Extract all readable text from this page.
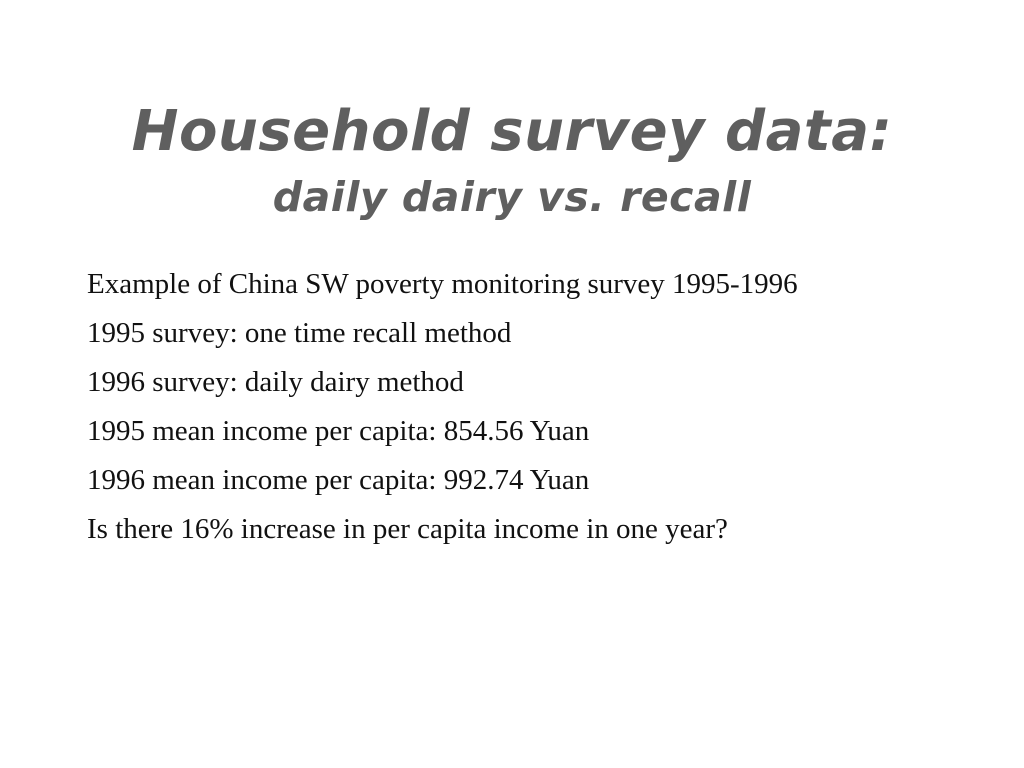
Household survey data:
daily dairy vs. recall
Example of China SW poverty monitoring survey 1995-1996
1995 survey: one time recall method
1996 survey: daily dairy method
1995 mean income per capita: 854.56 Yuan
1996 mean income per capita: 992.74 Yuan
Is there 16% increase in per capita income in one year?
